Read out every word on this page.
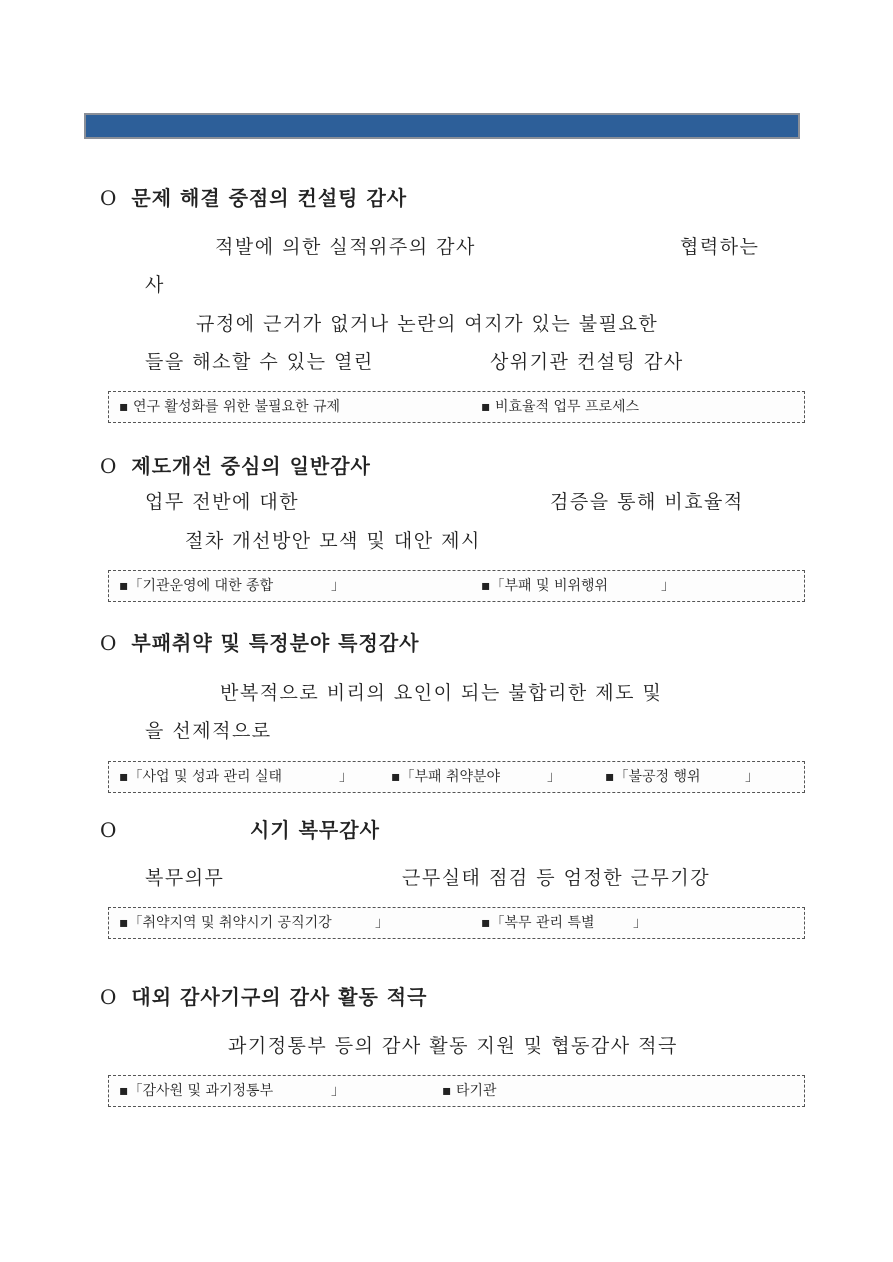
O 문제 해결 중점의 컨설팅 감사
적발에 의한 실적위주의 감사	협력하는
사
규정에 근거가 없거나 논란의 여지가 있는 불필요한
들을 해소할 수 있는 열린	상위기관 컨설팅 감사
▪ 연구 활성화를 위한 불필요한 규제	▪ 비효율적 업무 프로세스
O 제도개선 중심의 일반감사
업무 전반에 대한	검증을 통해 비효율적
절차 개선방안 모색 및 대안 제시
▪「기관운영에 대한 종합	」	▪「부패 및 비위행위	」
O 부패취약 및 특정분야 특정감사
반복적으로 비리의 요인이 되는 불합리한 제도 및
을 선제적으로
▪「사업 및 성과 관리 실태	」	▪「부패 취약분야	」	▪「불공정 행위	」
O	시기 복무감사
복무의무	근무실태 점검 등 엄정한 근무기강
▪「취약지역 및 취약시기 공직기강	」	▪「복무 관리 특별	」
O 대외 감사기구의 감사 활동 적극
과기정통부 등의 감사 활동 지원 및 협동감사 적극
▪「감사원 및 과기정통부	」	▪ 타기관
